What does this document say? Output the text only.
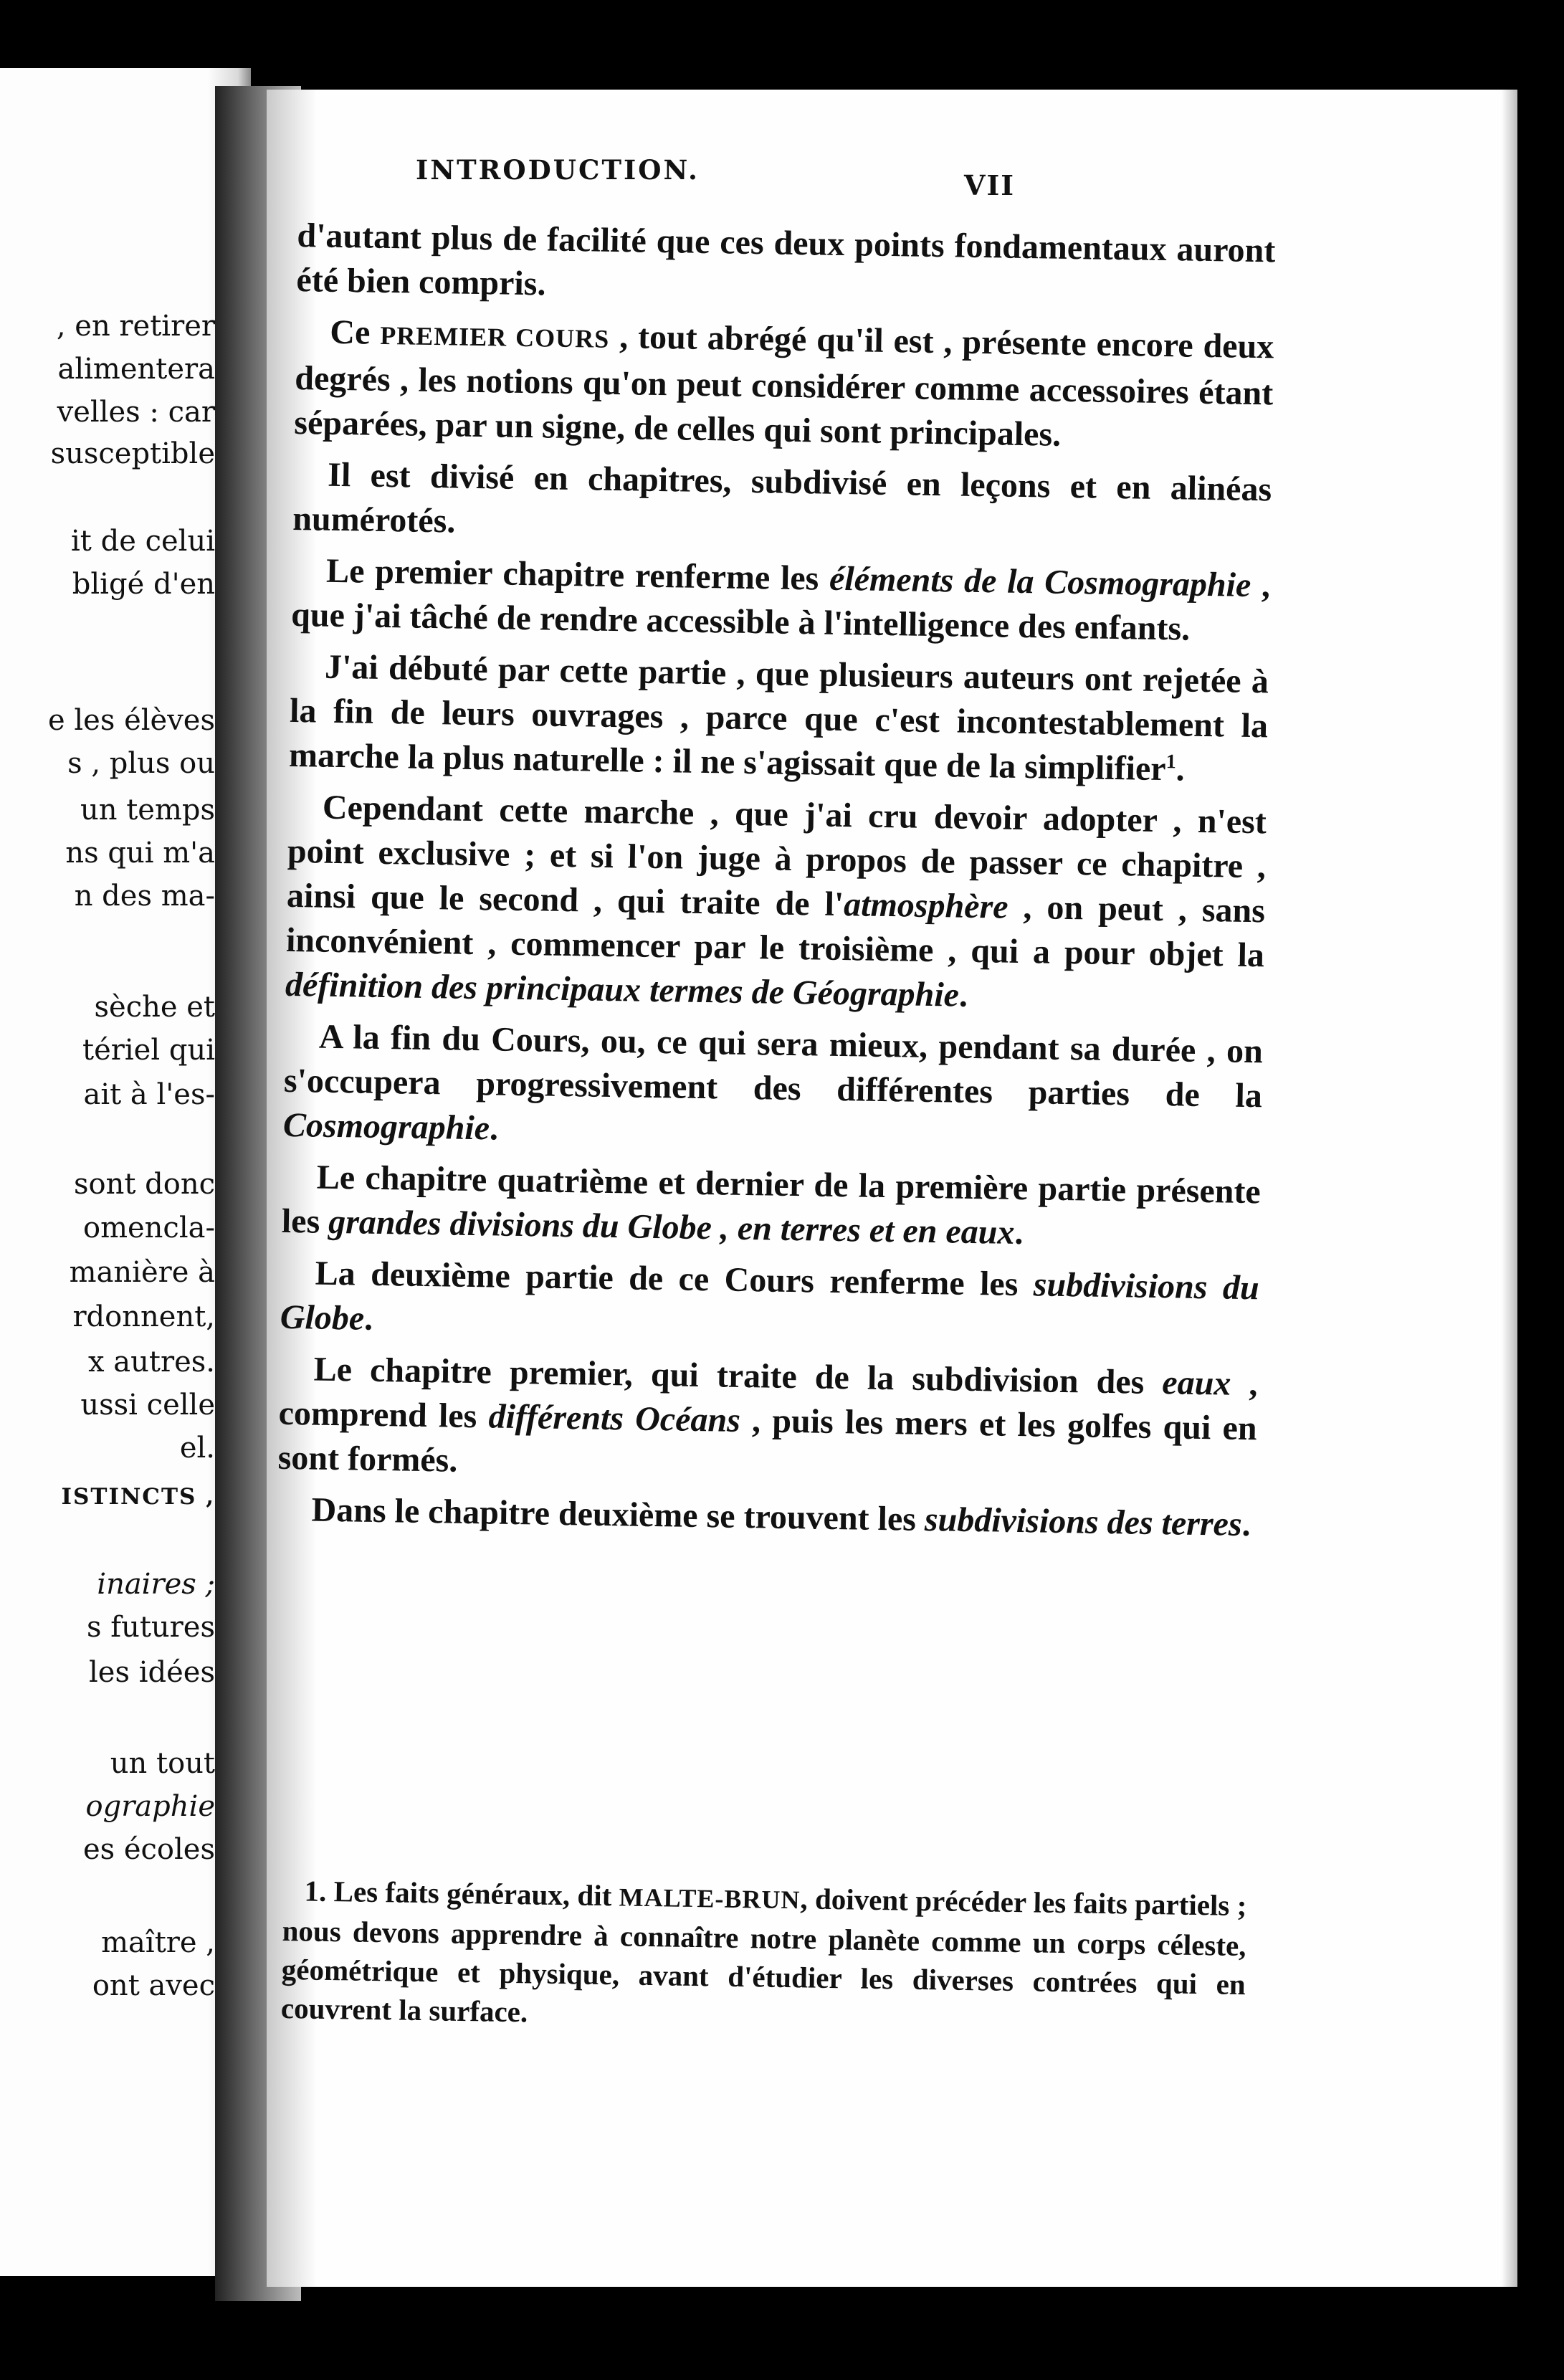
, en retirer
alimentera
velles : car
susceptible
it de celui
bligé d'en
e les élèves
s , plus ou
un temps
ns qui m'a
n des ma-
sèche et
tériel qui
ait à l'es-
sont donc
omencla-
manière à
rdonnent,
x autres.
ussi celle
el.
ISTINCTS ,
inaires ;
s futures
les idées
un tout
ographie
es écoles
maître ,
ont avec
INTRODUCTION.	VII

d'autant plus de facilité que ces deux points fondamentaux auront été bien compris.

Ce PREMIER COURS , tout abrégé qu'il est , présente encore deux degrés , les notions qu'on peut considérer comme accessoires étant séparées, par un signe, de celles qui sont principales.

Il est divisé en chapitres, subdivisé en leçons et en alinéas numérotés.

Le premier chapitre renferme les éléments de la Cosmographie , que j'ai tâché de rendre accessible à l'intelligence des enfants.

J'ai débuté par cette partie , que plusieurs auteurs ont rejetée à la fin de leurs ouvrages , parce que c'est incontestablement la marche la plus naturelle : il ne s'agissait que de la simplifier$^1$.

Cependant cette marche , que j'ai cru devoir adopter , n'est point exclusive ; et si l'on juge à propos de passer ce chapitre , ainsi que le second , qui traite de l'atmosphère , on peut , sans inconvénient , commencer par le troisième , qui a pour objet la définition des principaux termes de Géographie.

A la fin du Cours, ou, ce qui sera mieux, pendant sa durée , on s'occupera progressivement des différentes parties de la Cosmographie.

Le chapitre quatrième et dernier de la première partie présente les grandes divisions du Globe , en terres et en eaux.

La deuxième partie de ce Cours renferme les subdivisions du Globe.

Le chapitre premier, qui traite de la subdivision des eaux , comprend les différents Océans , puis les mers et les golfes qui en sont formés.

Dans le chapitre deuxième se trouvent les subdivisions des terres.

1. Les faits généraux, dit MALTE-BRUN, doivent précéder les faits partiels ; nous devons apprendre à connaître notre planète comme un corps céleste, géométrique et physique, avant d'étudier les diverses contrées qui en couvrent la surface.
